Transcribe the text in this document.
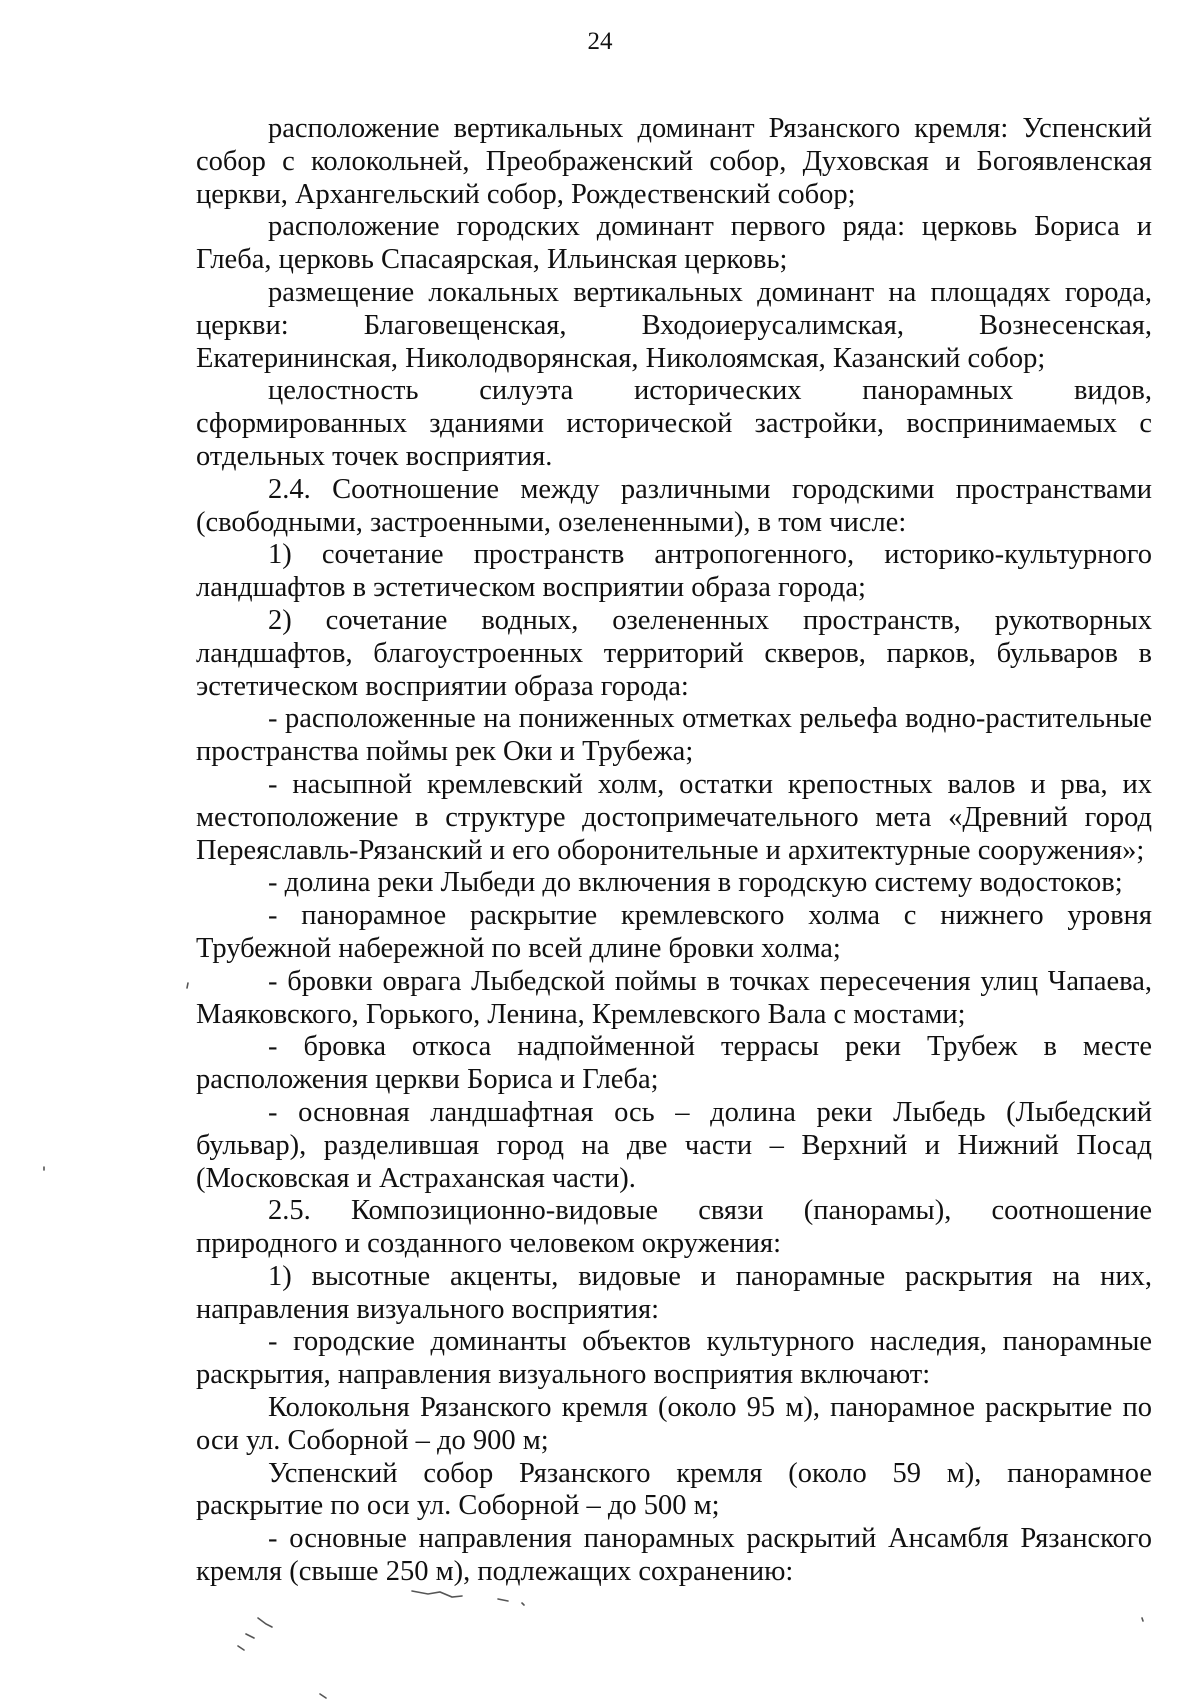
24

расположение вертикальных доминант Рязанского кремля: Успенский собор с колокольней, Преображенский собор, Духовская и Богоявленская церкви, Архангельский собор, Рождественский собор;

расположение городских доминант первого ряда: церковь Бориса и Глеба, церковь Спасаярская, Ильинская церковь;

размещение локальных вертикальных доминант на площадях города, церкви: Благовещенская, Входоиерусалимская, Вознесенская, Екатерининская, Николодворянская, Николоямская, Казанский собор;

целостность силуэта исторических панорамных видов, сформированных зданиями исторической застройки, воспринимаемых с отдельных точек восприятия.

2.4. Соотношение между различными городскими пространствами (свободными, застроенными, озелененными), в том числе:

1) сочетание пространств антропогенного, историко-культурного ландшафтов в эстетическом восприятии образа города;

2) сочетание водных, озелененных пространств, рукотворных ландшафтов, благоустроенных территорий скверов, парков, бульваров в эстетическом восприятии образа города:

- расположенные на пониженных отметках рельефа водно-растительные пространства поймы рек Оки и Трубежа;

- насыпной кремлевский холм, остатки крепостных валов и рва, их местоположение в структуре достопримечательного мета «Древний город Переяславль-Рязанский и его оборонительные и архитектурные сооружения»;

- долина реки Лыбеди до включения в городскую систему водостоков;

- панорамное раскрытие кремлевского холма с нижнего уровня Трубежной набережной по всей длине бровки холма;

- бровки оврага Лыбедской поймы в точках пересечения улиц Чапаева, Маяковского, Горького, Ленина, Кремлевского Вала с мостами;

- бровка откоса надпойменной террасы реки Трубеж в месте расположения церкви Бориса и Глеба;

- основная ландшафтная ось – долина реки Лыбедь (Лыбедский бульвар), разделившая город на две части – Верхний и Нижний Посад (Московская и Астраханская части).

2.5. Композиционно-видовые связи (панорамы), соотношение природного и созданного человеком окружения:

1) высотные акценты, видовые и панорамные раскрытия на них, направления визуального восприятия:

- городские доминанты объектов культурного наследия, панорамные раскрытия, направления визуального восприятия включают:

Колокольня Рязанского кремля (около 95 м), панорамное раскрытие по оси ул. Соборной – до 900 м;

Успенский собор Рязанского кремля (около 59 м), панорамное раскрытие по оси ул. Соборной – до 500 м;

- основные направления панорамных раскрытий Ансамбля Рязанского кремля (свыше 250 м), подлежащих сохранению:
